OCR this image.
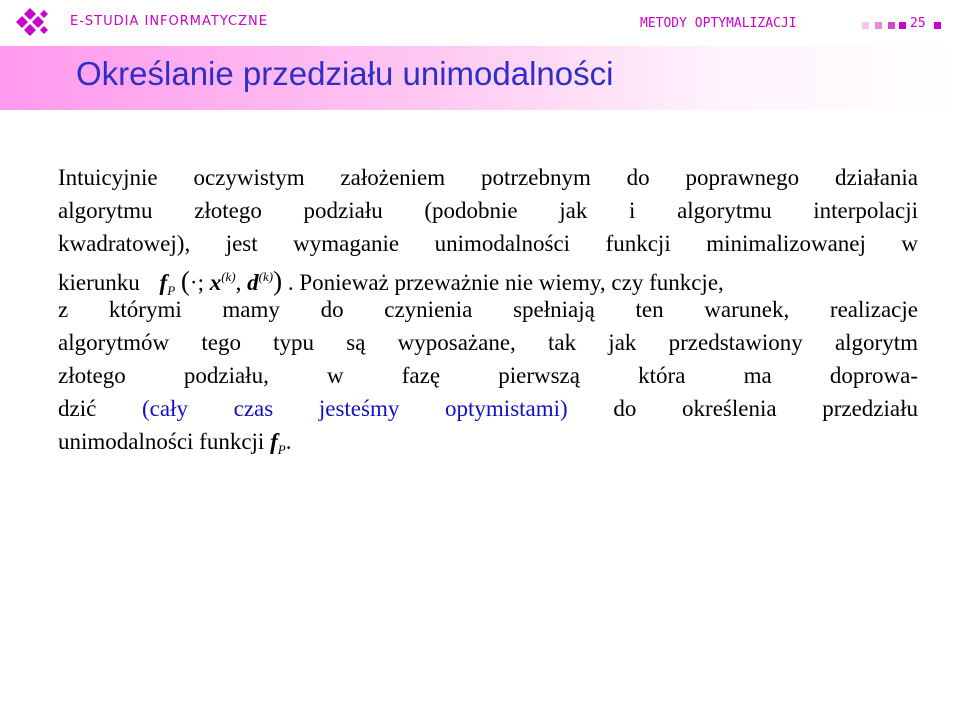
E-STUDIA INFORMATYCZNE	METODY OPTYMALIZACJI	25
Określanie przedziału unimodalności
Intuicyjnie oczywistym założeniem potrzebnym do poprawnego działania
algorytmu złotego podziału (podobnie jak i algorytmu interpolacji
kwadratowej), jest wymaganie unimodalności funkcji minimalizowanej w
kierunku $f_P$ (·; $x^{(k)}$, $d^{(k)}$) . Ponieważ przeważnie nie wiemy, czy funkcje,
z którymi mamy do czynienia spełniają ten warunek, realizacje
algorytmów tego typu są wyposażane, tak jak przedstawiony algorytm
złotego podziału, w fazę pierwszą która ma doprowa-
dzić (cały czas jesteśmy optymistami) do określenia przedziału
unimodalności funkcji $f_P$.
